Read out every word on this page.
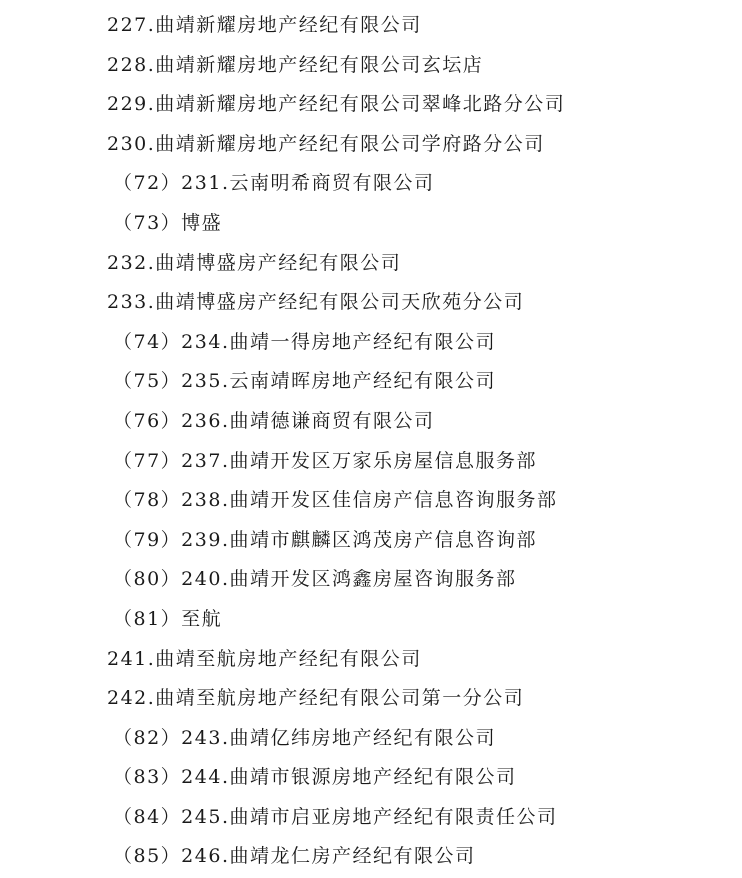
227.曲靖新耀房地产经纪有限公司
228.曲靖新耀房地产经纪有限公司玄坛店
229.曲靖新耀房地产经纪有限公司翠峰北路分公司
230.曲靖新耀房地产经纪有限公司学府路分公司
（72）231.云南明希商贸有限公司
（73）博盛
232.曲靖博盛房产经纪有限公司
233.曲靖博盛房产经纪有限公司天欣苑分公司
（74）234.曲靖一得房地产经纪有限公司
（75）235.云南靖晖房地产经纪有限公司
（76）236.曲靖德谦商贸有限公司
（77）237.曲靖开发区万家乐房屋信息服务部
（78）238.曲靖开发区佳信房产信息咨询服务部
（79）239.曲靖市麒麟区鸿茂房产信息咨询部
（80）240.曲靖开发区鸿鑫房屋咨询服务部
（81）至航
241.曲靖至航房地产经纪有限公司
242.曲靖至航房地产经纪有限公司第一分公司
（82）243.曲靖亿纬房地产经纪有限公司
（83）244.曲靖市银源房地产经纪有限公司
（84）245.曲靖市启亚房地产经纪有限责任公司
（85）246.曲靖龙仁房产经纪有限公司
